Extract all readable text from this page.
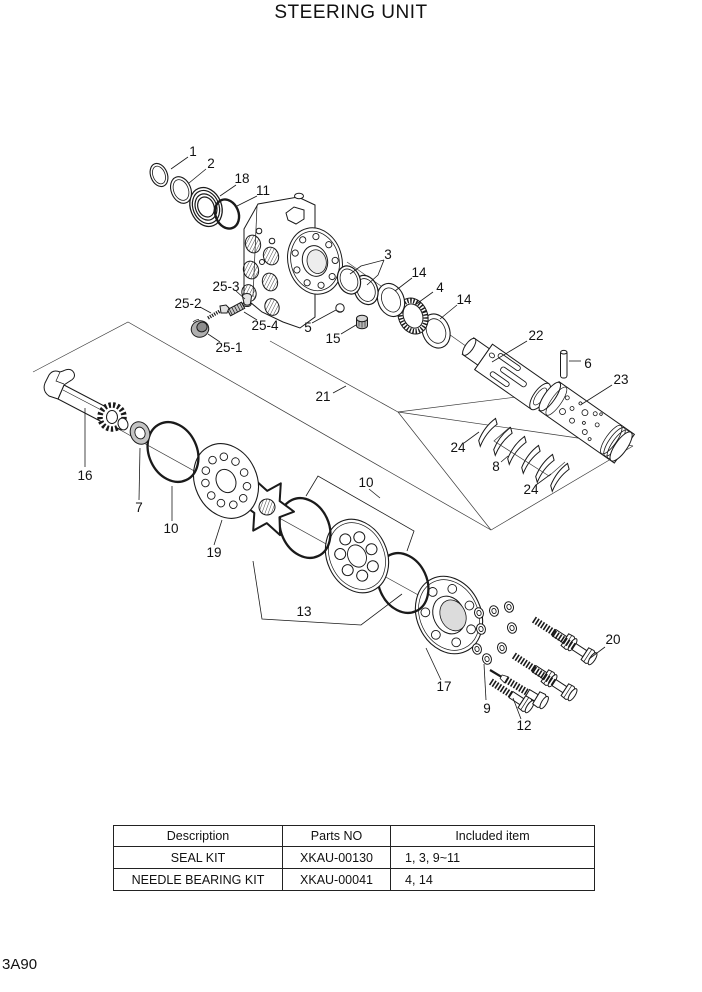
STEERING UNIT
1
2
18
11
3
14
4
14
5
15
25-3
25-2
25-4
25-1
21
22
6
23
24
8
24
16
7
10
19
10
13
17
9
12
20
Description	Parts NO	Included item
SEAL KIT	XKAU-00130	1, 3, 9~11
NEEDLE BEARING KIT	XKAU-00041	4, 14
3A90
